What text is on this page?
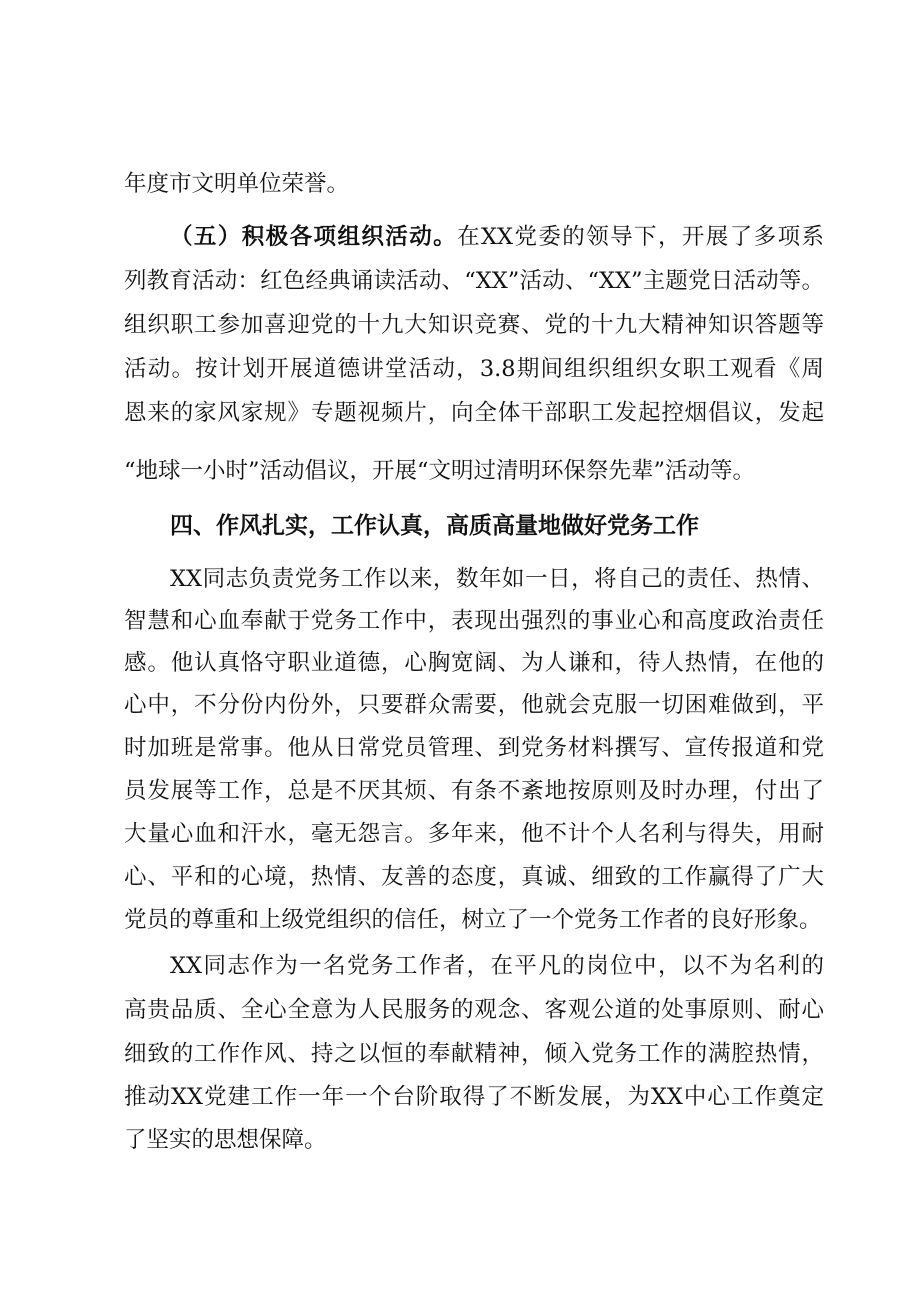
年度市文明单位荣誉。

（五）积极各项组织活动。在XX党委的领导下，开展了多项系

列教育活动：红色经典诵读活动、“XX”活动、“XX”主题党日活动等。

组织职工参加喜迎党的十九大知识竞赛、党的十九大精神知识答题等

活动。按计划开展道德讲堂活动，3.8期间组织组织女职工观看《周

恩来的家风家规》专题视频片，向全体干部职工发起控烟倡议，发起

“地球一小时”活动倡议，开展“文明过清明环保祭先辈”活动等。

四、作风扎实，工作认真，高质高量地做好党务工作

XX同志负责党务工作以来，数年如一日，将自己的责任、热情、

智慧和心血奉献于党务工作中，表现出强烈的事业心和高度政治责任

感。他认真恪守职业道德，心胸宽阔、为人谦和，待人热情，在他的

心中，不分份内份外，只要群众需要，他就会克服一切困难做到，平

时加班是常事。他从日常党员管理、到党务材料撰写、宣传报道和党

员发展等工作，总是不厌其烦、有条不紊地按原则及时办理，付出了

大量心血和汗水，毫无怨言。多年来，他不计个人名利与得失，用耐

心、平和的心境，热情、友善的态度，真诚、细致的工作赢得了广大

党员的尊重和上级党组织的信任，树立了一个党务工作者的良好形象。

XX同志作为一名党务工作者，在平凡的岗位中，以不为名利的

高贵品质、全心全意为人民服务的观念、客观公道的处事原则、耐心

细致的工作作风、持之以恒的奉献精神，倾入党务工作的满腔热情，

推动XX党建工作一年一个台阶取得了不断发展，为XX中心工作奠定

了坚实的思想保障。
